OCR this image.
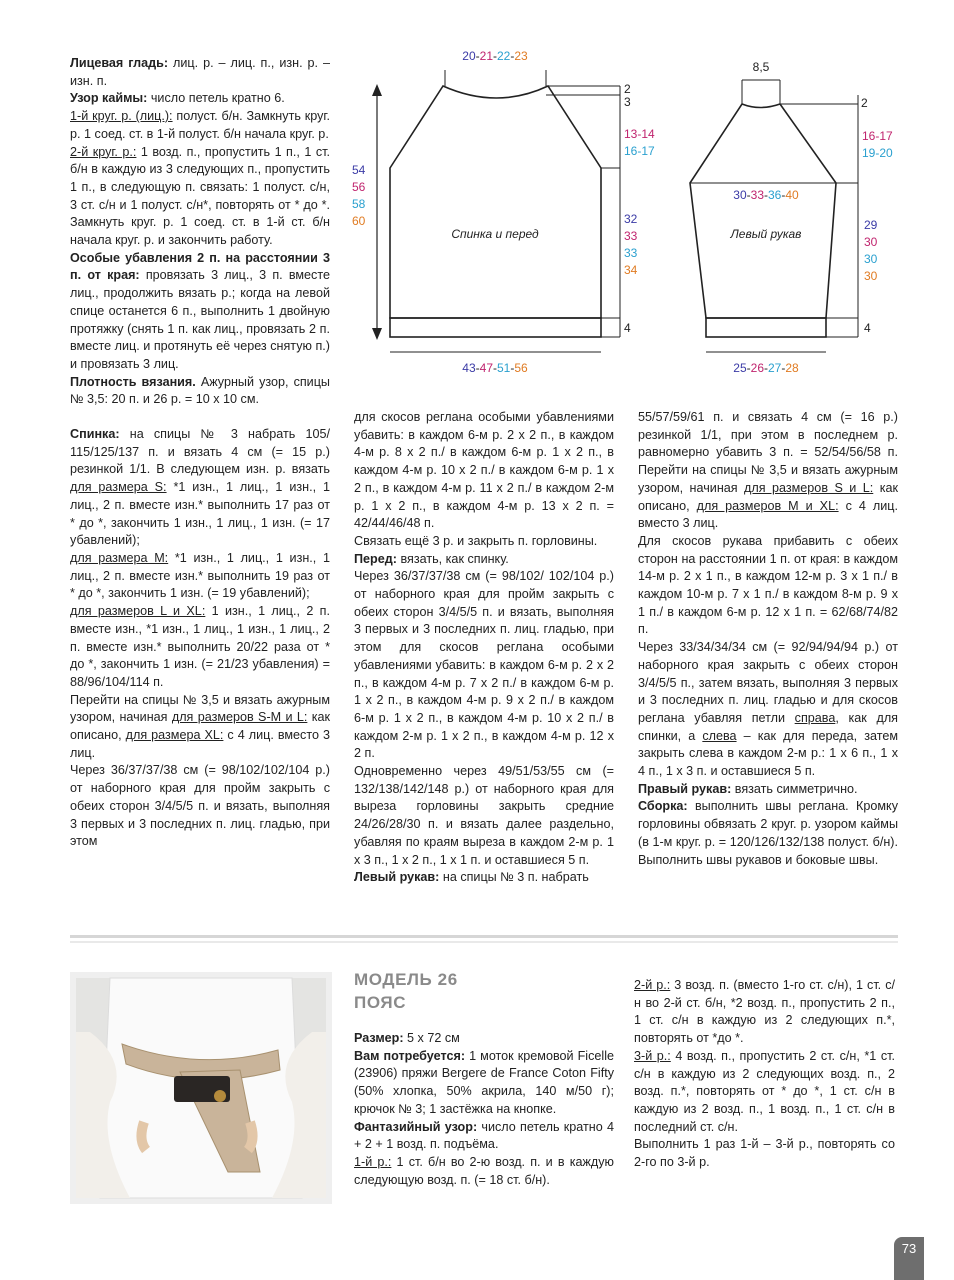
Лицевая гладь: лиц. р. – лиц. п., изн. р. – изн. п.

Узор каймы: число петель кратно 6.

1-й круг. р. (лиц.): полуст. б/н. Замкнуть круг. р. 1 соед. ст. в 1-й полуст. б/н начала круг. р.

2-й круг. р.: 1 возд. п., пропустить 1 п., 1 ст. б/н в каждую из 3 следующих п., пропустить 1 п., в следующую п. связать: 1 полуст. с/н, 3 ст. с/н и 1 полуст. с/н*, повторять от * до *. Замкнуть круг. р. 1 соед. ст. в 1-й ст. б/н начала круг. р. и закончить работу.

Особые убавления 2 п. на расстоянии 3 п. от края: провязать 3 лиц., 3 п. вместе лиц., продолжить вязать р.; когда на левой спице останется 6 п., выполнить 1 двойную протяжку (снять 1 п. как лиц., провязать 2 п. вместе лиц. и протянуть её через снятую п.) и провязать 3 лиц.

Плотность вязания. Ажурный узор, спицы № 3,5: 20 п. и 26 р. = 10 х 10 см.

Спинка: на спицы № 3 набрать 105/ 115/125/137 п. и вязать 4 см (= 15 р.) резинкой 1/1. В следующем изн. р. вязать для размера S: *1 изн., 1 лиц., 1 изн., 1 лиц., 2 п. вместе изн.* выполнить 17 раз от * до *, закончить 1 изн., 1 лиц., 1 изн. (= 17 убавлений);

для размера M: *1 изн., 1 лиц., 1 изн., 1 лиц., 2 п. вместе изн.* выполнить 19 раз от * до *, закончить 1 изн. (= 19 убавлений);

для размеров L и XL: 1 изн., 1 лиц., 2 п. вместе изн., *1 изн., 1 лиц., 1 изн., 1 лиц., 2 п. вместе изн.* выполнить 20/22 раза от * до *, закончить 1 изн. (= 21/23 убавления) = 88/96/104/114 п.

Перейти на спицы № 3,5 и вязать ажурным узором, начиная для размеров S-M и L: как описано, для размера XL: с 4 лиц. вместо 3 лиц.

Через 36/37/37/38 см (= 98/102/102/104 р.) от наборного края для пройм закрыть с обеих сторон 3/4/5/5 п. и вязать, выполняя 3 первых и 3 последних п. лиц. гладью, при этом

для скосов реглана особыми убавлениями убавить: в каждом 6-м р. 2 х 2 п., в каждом 4-м р. 8 х 2 п./ в каждом 6-м р. 1 х 2 п., в каждом 4-м р. 10 х 2 п./ в каждом 6-м р. 1 х 2 п., в каждом 4-м р. 11 х 2 п./ в каждом 2-м р. 1 х 2 п., в каждом 4-м р. 13 х 2 п. = 42/44/46/48 п.

Связать ещё 3 р. и закрыть п. горловины.

Перед: вязать, как спинку.

Через 36/37/37/38 см (= 98/102/ 102/104 р.) от наборного края для пройм закрыть с обеих сторон 3/4/5/5 п. и вязать, выполняя 3 первых и 3 последних п. лиц. гладью, при этом для скосов реглана особыми убавлениями убавить: в каждом 6-м р. 2 х 2 п., в каждом 4-м р. 7 х 2 п./ в каждом 6-м р. 1 х 2 п., в каждом 4-м р. 9 х 2 п./ в каждом 6-м р. 1 х 2 п., в каждом 4-м р. 10 х 2 п./ в каждом 2-м р. 1 х 2 п., в каждом 4-м р. 12 х 2 п.

Одновременно через 49/51/53/55 см (= 132/138/142/148 р.) от наборного края для выреза горловины закрыть средние 24/26/28/30 п. и вязать далее раздельно, убавляя по краям выреза в каждом 2-м р. 1 х 3 п., 1 х 2 п., 1 х 1 п. и оставшиеся 5 п.

Левый рукав: на спицы № 3 п. набрать

55/57/59/61 п. и связать 4 см (= 16 р.) резинкой 1/1, при этом в последнем р. равномерно убавить 3 п. = 52/54/56/58 п. Перейти на спицы № 3,5 и вязать ажурным узором, начиная для размеров S и L: как описано, для размеров M и XL: с 4 лиц. вместо 3 лиц.

Для скосов рукава прибавить с обеих сторон на расстоянии 1 п. от края: в каждом 14-м р. 2 х 1 п., в каждом 12-м р. 3 х 1 п./ в каждом 10-м р. 7 х 1 п./ в каждом 8-м р. 9 х 1 п./ в каждом 6-м р. 12 х 1 п. = 62/68/74/82 п.

Через 33/34/34/34 см (= 92/94/94/94 р.) от наборного края закрыть с обеих сторон 3/4/5/5 п., затем вязать, выполняя 3 первых и 3 последних п. лиц. гладью и для скосов реглана убавляя петли справа, как для спинки, а слева – как для переда, затем закрыть слева в каждом 2-м р.: 1 х 6 п., 1 х 4 п., 1 х 3 п. и оставшиеся 5 п.

Правый рукав: вязать симметрично.

Сборка: выполнить швы реглана. Кромку горловины обвязать 2 круг. р. узором каймы (в 1-м круг. р. = 120/126/132/138 полуст. б/н). Выполнить швы рукавов и боковые швы.

Спинка и перед
20-21-22-23
2
3
13-14
16-17
54
56
58
60	32
33
33
34
4
43-47-51-56
8,5
2
16-17
19-20
30-33-36-40
Левый рукав
29
30
30
30
4
25-26-27-28
МОДЕЛЬ 26
ПОЯС

Размер: 5 х 72 см

Вам потребуется: 1 моток кремовой Ficelle (23906) пряжи Bergere de France Coton Fifty (50% хлопка, 50% акрила, 140 м/50 г); крючок № 3; 1 застёжка на кнопке.

Фантазийный узор: число петель кратно 4 + 2 + 1 возд. п. подъёма.

1-й р.: 1 ст. б/н во 2-ю возд. п. и в каждую следующую возд. п. (= 18 ст. б/н).

2-й р.: 3 возд. п. (вместо 1-го ст. с/н), 1 ст. с/н во 2-й ст. б/н, *2 возд. п., пропустить 2 п., 1 ст. с/н в каждую из 2 следующих п.*, повторять от *до *.

3-й р.: 4 возд. п., пропустить 2 ст. с/н, *1 ст. с/н в каждую из 2 следующих возд. п., 2 возд. п.*, повторять от * до *, 1 ст. с/н в каждую из 2 возд. п., 1 возд. п., 1 ст. с/н в последний ст. с/н.

Выполнить 1 раз 1-й – 3-й р., повторять со 2-го по 3-й р.

73
